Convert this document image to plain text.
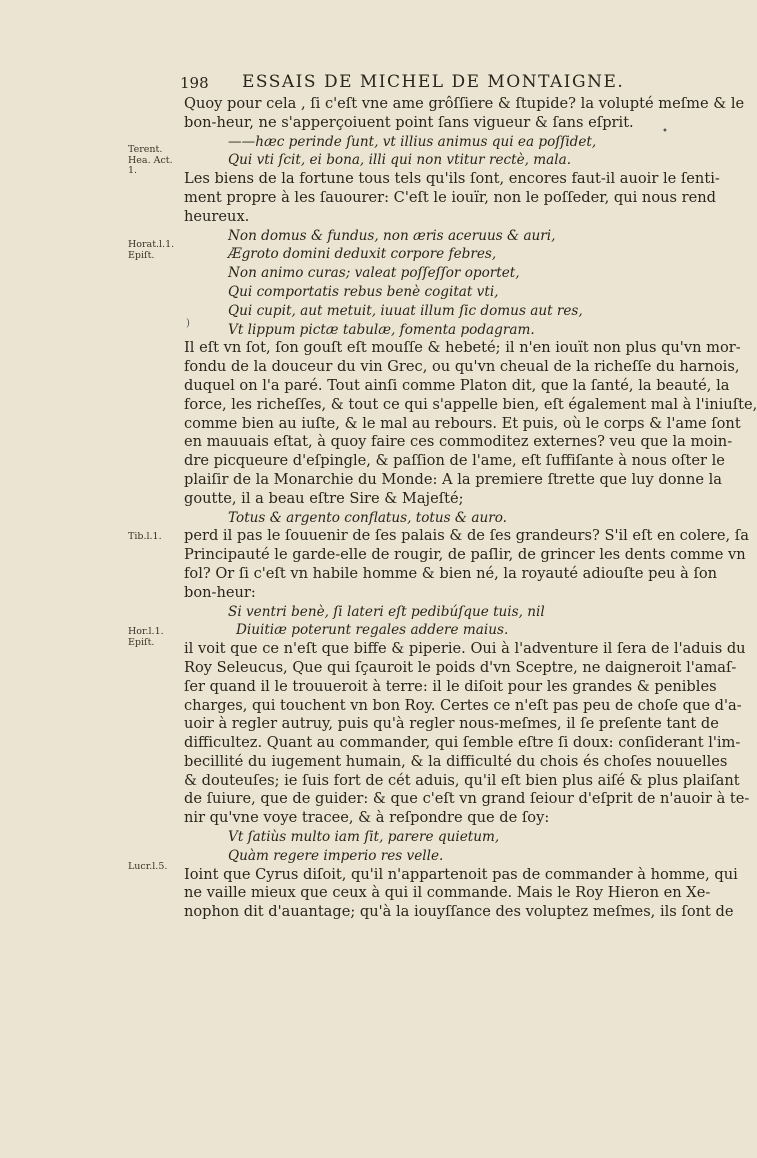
198 ESSAIS DE MICHEL DE MONTAIGNE.
Quoy pour cela , ſi c'eſt vne ame grôſſiere & ſtupide? la volupté meſme & le
bon-heur, ne s'apperçoiuent point ſans vigueur & ſans eſprit.
——hæc perinde ſunt, vt illius animus qui ea poſſidet,
Qui vti ſcit, ei bona, illi qui non vtitur rectè, mala.
Les biens de la fortune tous tels qu'ils ſont, encores faut-il auoir le ſenti-
ment propre à les ſauourer: C'eſt le iouïr, non le poſſeder, qui nous rend
heureux.
Non domus & fundus, non æris aceruus & auri,
Ægroto domini deduxit corpore febres,
Non animo curas; valeat poſſeſſor oportet,
Qui comportatis rebus benè cogitat vti,
Qui cupit, aut metuit, iuuat illum ſic domus aut res,
Vt lippum pictæ tabulæ, fomenta podagram.
Il eſt vn ſot, ſon gouſt eſt mouſſe & hebeté; il n'en iouït non plus qu'vn mor-
fondu de la douceur du vin Grec, ou qu'vn cheual de la richeſſe du harnois,
duquel on l'a paré. Tout ainſi comme Platon dit, que la ſanté, la beauté, la
force, les richeſſes, & tout ce qui s'appelle bien, eſt également mal à l'iniuſte,
comme bien au iuſte, & le mal au rebours. Et puis, où le corps & l'ame ſont
en mauuais eſtat, à quoy faire ces commoditez externes? veu que la moin-
dre picqueure d'eſpingle, & paſſion de l'ame, eſt ſuffiſante à nous oſter le
plaiſir de la Monarchie du Monde: A la premiere ſtrette que luy donne la
goutte, il a beau eſtre Sire & Majeſté;
Totus & argento conflatus, totus & auro.
perd il pas le ſouuenir de ſes palais & de ſes grandeurs? S'il eſt en colere, ſa
Principauté le garde-elle de rougir, de paſlir, de grincer les dents comme vn
fol? Or ſi c'eſt vn habile homme & bien né, la royauté adiouſte peu à ſon
bon-heur:
Si ventri benè, ſi lateri eſt pedibúſque tuis, nil
Diuitiæ poterunt regales addere maius.
il voit que ce n'eſt que biffe & piperie. Oui à l'adventure il ſera de l'aduis du
Roy Seleucus, Que qui ſçauroit le poids d'vn Sceptre, ne daigneroit l'amaſ-
ſer quand il le trouueroit à terre: il le diſoit pour les grandes & penibles
charges, qui touchent vn bon Roy. Certes ce n'eſt pas peu de choſe que d'a-
uoir à regler autruy, puis qu'à regler nous-meſmes, il ſe preſente tant de
difficultez. Quant au commander, qui ſemble eſtre ſi doux: conſiderant l'im-
becillité du iugement humain, & la difficulté du chois és choſes nouuelles
& douteuſes; ie ſuis fort de cét aduis, qu'il eſt bien plus aiſé & plus plaiſant
de ſuiure, que de guider: & que c'eſt vn grand ſeiour d'eſprit de n'auoir à te-
nir qu'vne voye tracee, & à reſpondre que de ſoy:
Vt ſatiùs multo iam ſit, parere quietum,
Quàm regere imperio res velle.
Ioint que Cyrus diſoit, qu'il n'appartenoit pas de commander à homme, qui
ne vaille mieux que ceux à qui il commande. Mais le Roy Hieron en Xe-
nophon dit d'auantage; qu'à la iouyſſance des voluptez meſmes, ils ſont de
Terent. Hea. Act. 1.
Horat.l.1. Epiſt.
Tib.l.1.
Hor.l.1. Epiſt.
Lucr.l.5.
•
)
